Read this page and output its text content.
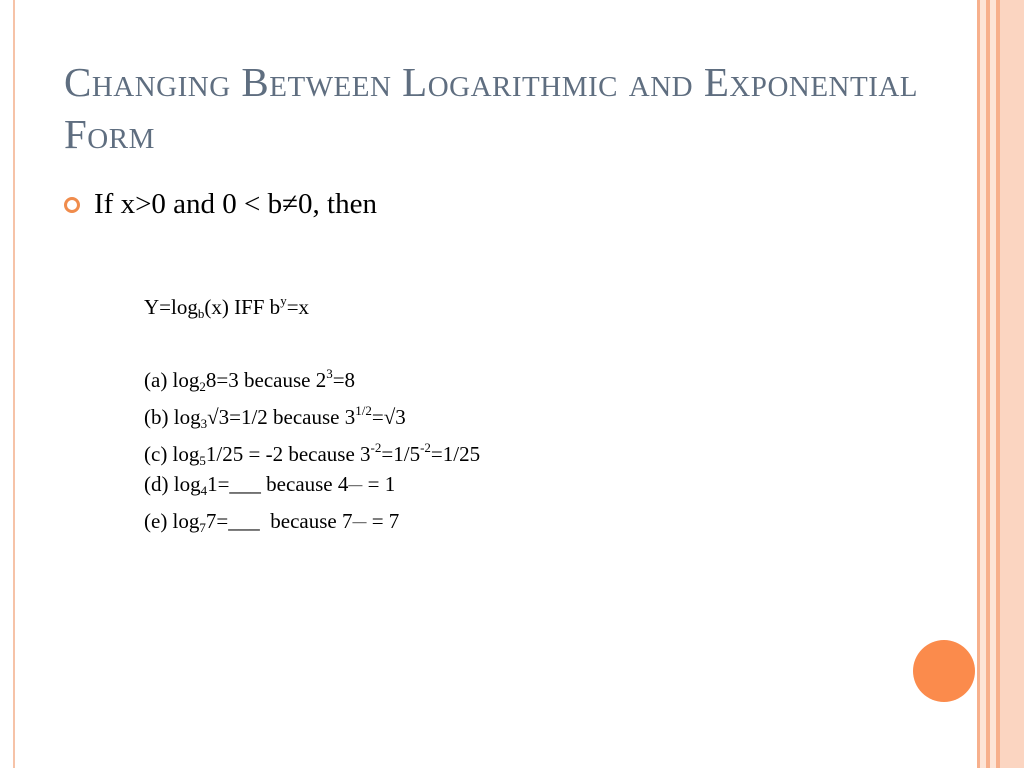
Changing Between Logarithmic and Exponential Form
If x>0 and 0 < b≠0, then
$Y=\log_b(x)$ IFF $b^y=x$
(a) $\log_28=3$ because $2^3=8$
(b) $\log_3√3=1/2$ because $3^{1/2}=√3$
(c) $\log_51/25 = -2$ because $3^{-2}=1/5^{-2}=1/25$
(d) $\log_41=\_\_\_$ because 4— = 1
(e) $\log_77=\_\_\_$  because 7— = 7
